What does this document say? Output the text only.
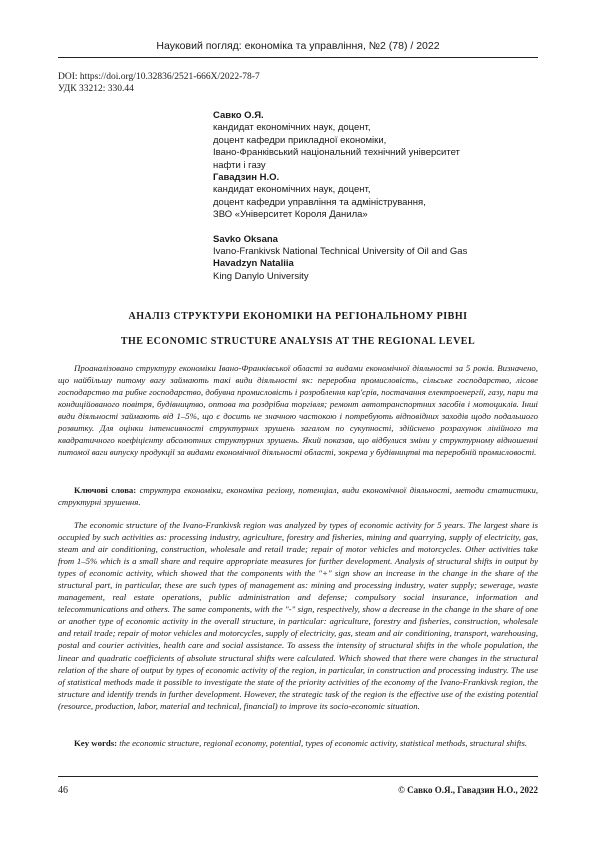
Науковий погляд: економіка та управління, №2 (78) / 2022
DOI: https://doi.org/10.32836/2521-666X/2022-78-7
УДК 33212: 330.44
Савко О.Я.
кандидат економічних наук, доцент,
доцент кафедри прикладної економіки,
Івано-Франківський національний технічний університет
нафти і газу
Гавадзин Н.О.
кандидат економічних наук, доцент,
доцент кафедри управління та адміністрування,
ЗВО «Університет Короля Данила»
Savko Oksana
Ivano-Frankivsk National Technical University of Oil and Gas
Havadzyn Nataliia
King Danylo University
АНАЛІЗ СТРУКТУРИ ЕКОНОМІКИ НА РЕГІОНАЛЬНОМУ РІВНІ
THE ECONOMIC STRUCTURE ANALYSIS AT THE REGIONAL LEVEL

Проаналізовано структуру економіки Івано-Франківської області за видами економічної діяльності за 5 років. Визначено, що найбільшу питому вагу займають такі види діяльності як: переробна промисловість, сільське господарство, лісове господарство та рибне господарство, добувна промисловість і розроблення кар'єрів, постачання електроенергії, газу, пари та кондиційованого повітря, будівництво, оптова та роздрібна торгівля; ремонт автотранспортних засобів і мотоциклів. Інші види діяльності займають від 1–5%, що є досить не значною частокою і потребують відповідних заходів щодо подальшого розвитку. Для оцінки інтенсивності структурних зрушень загалом по сукупності, здійснено розрахунок лінійного та квадратичного коефіцієнту абсолютних структурних зрушень. Який показав, що відбулися зміни у структурному відношенні питомої ваги випуску продукції за видами економічної діяльності області, зокрема у будівництві та переробній промисловості.

Ключові слова: структура економіки, економіка регіону, потенціал, види економічної діяльності, методи статистики, структурні зрушення.

The economic structure of the Ivano-Frankivsk region was analyzed by types of economic activity for 5 years. The largest share is occupied by such activities as: processing industry, agriculture, forestry and fisheries, mining and quarrying, supply of electricity, gas, steam and air conditioning, construction, wholesale and retail trade; repair of motor vehicles and motorcycles. Other activities take from 1–5% which is a small share and require appropriate measures for further development. Analysis of structural shifts in output by types of economic activity, which showed that the components with the "+" sign show an increase in the change in the share of the structural part, in particular, these are such types of management as: mining and processing industry, water supply; sewerage, waste management, real estate operations, public administration and defense; compulsory social insurance, information and telecommunications and others. The same components, with the "-" sign, respectively, show a decrease in the change in the share of one or another type of economic activity in the overall structure, in particular: agriculture, forestry and fisheries, construction, wholesale and retail trade; repair of motor vehicles and motorcycles, supply of electricity, gas, steam and air conditioning, transport, warehousing, postal and courier activities, health care and social assistance. To assess the intensity of structural shifts in the whole population, the linear and quadratic coefficients of absolute structural shifts were calculated. Which showed that there were changes in the structural relation of the share of output by types of economic activity of the region, in particular, in construction and processing industry. The use of statistical methods made it possible to investigate the state of the priority activities of the economy of the Ivano-Frankivsk region, the structure and identify trends in further development. However, the strategic task of the region is the effective use of the existing potential (resource, production, labor, material and technical, financial) to improve its socio-economic situation.

Key words: the economic structure, regional economy, potential, types of economic activity, statistical methods, structural shifts.

46	© Савко О.Я., Гавадзин Н.О., 2022
